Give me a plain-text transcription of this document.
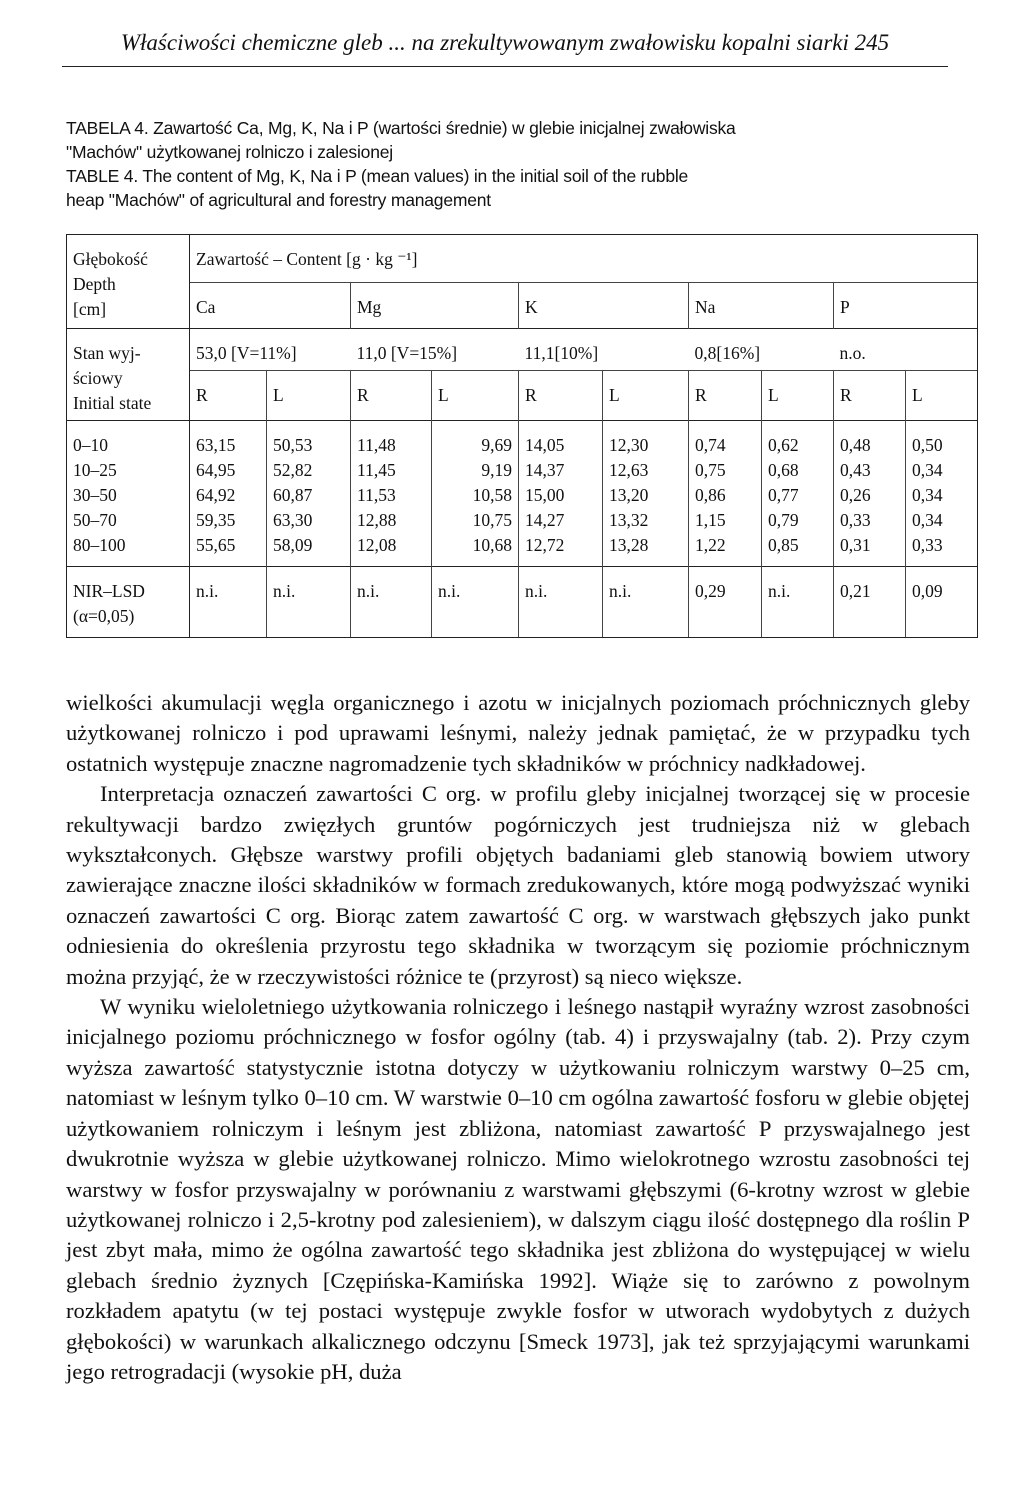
Właściwości chemiczne gleb ... na zrekultywowanym zwałowisku kopalni siarki 245

TABELA 4. Zawartość Ca, Mg, K, Na i P (wartości średnie) w glebie inicjalnej zwałowiska

"Machów" użytkowanej rolniczo i zalesionej

TABLE 4. The content of Mg, K, Na i P (mean values) in the initial soil of the rubble

heap "Machów" of agricultural and forestry management

Głębokość
Depth
[cm]	Zawartość – Content [g · kg ⁻¹]									
	Ca		Mg		K		Na		P	

Stan wyj-
ściowy
Initial state	53,0 [V=11%]		11,0 [V=15%]		11,1[10%]		0,8[16%]		n.o.	
	R	L	R	L	R	L	R	L	R	L
0–10	63,15	50,53	11,48	9,69	14,05	12,30	0,74	0,62	0,48	0,50
10–25	64,95	52,82	11,45	9,19	14,37	12,63	0,75	0,68	0,43	0,34
30–50	64,92	60,87	11,53	10,58	15,00	13,20	0,86	0,77	0,26	0,34
50–70	59,35	63,30	12,88	10,75	14,27	13,32	1,15	0,79	0,33	0,34
80–100	55,65	58,09	12,08	10,68	12,72	13,28	1,22	0,85	0,31	0,33

NIR–LSD
(α=0,05)	n.i.	n.i.	n.i.	n.i.	n.i.	n.i.	0,29	n.i.	0,21	0,09

wielkości akumulacji węgla organicznego i azotu w inicjalnych poziomach próchnicznych gleby użytkowanej rolniczo i pod uprawami leśnymi, należy jednak pamiętać, że w przypadku tych ostatnich występuje znaczne nagromadzenie tych składników w próchnicy nadkładowej.

Interpretacja oznaczeń zawartości C org. w profilu gleby inicjalnej tworzącej się w procesie rekultywacji bardzo zwięzłych gruntów pogórniczych jest trudniejsza niż w glebach wykształconych. Głębsze warstwy profili objętych badaniami gleb stanowią bowiem utwory zawierające znaczne ilości składników w formach zredukowanych, które mogą podwyższać wyniki oznaczeń zawartości C org. Biorąc zatem zawartość C org. w warstwach głębszych jako punkt odniesienia do określenia przyrostu tego składnika w tworzącym się poziomie próchnicznym można przyjąć, że w rzeczywistości różnice te (przyrost) są nieco większe.

W wyniku wieloletniego użytkowania rolniczego i leśnego nastąpił wyraźny wzrost zasobności inicjalnego poziomu próchnicznego w fosfor ogólny (tab. 4) i przyswajalny (tab. 2). Przy czym wyższa zawartość statystycznie istotna dotyczy w użytkowaniu rolniczym warstwy 0–25 cm, natomiast w leśnym tylko 0–10 cm. W warstwie 0–10 cm ogólna zawartość fosforu w glebie objętej użytkowaniem rolniczym i leśnym jest zbliżona, natomiast zawartość P przyswajalnego jest dwukrotnie wyższa w glebie użytkowanej rolniczo. Mimo wielokrotnego wzrostu zasobności tej warstwy w fosfor przyswajalny w porównaniu z warstwami głębszymi (6-krotny wzrost w glebie użytkowanej rolniczo i 2,5-krotny pod zalesieniem), w dalszym ciągu ilość dostępnego dla roślin P jest zbyt mała, mimo że ogólna zawartość tego składnika jest zbliżona do występującej w wielu glebach średnio żyznych [Czępińska-Kamińska 1992]. Wiąże się to zarówno z powolnym rozkładem apatytu (w tej postaci występuje zwykle fosfor w utworach wydobytych z dużych głębokości) w warunkach alkalicznego odczynu [Smeck 1973], jak też sprzyjającymi warunkami jego retrogradacji (wysokie pH, duża
